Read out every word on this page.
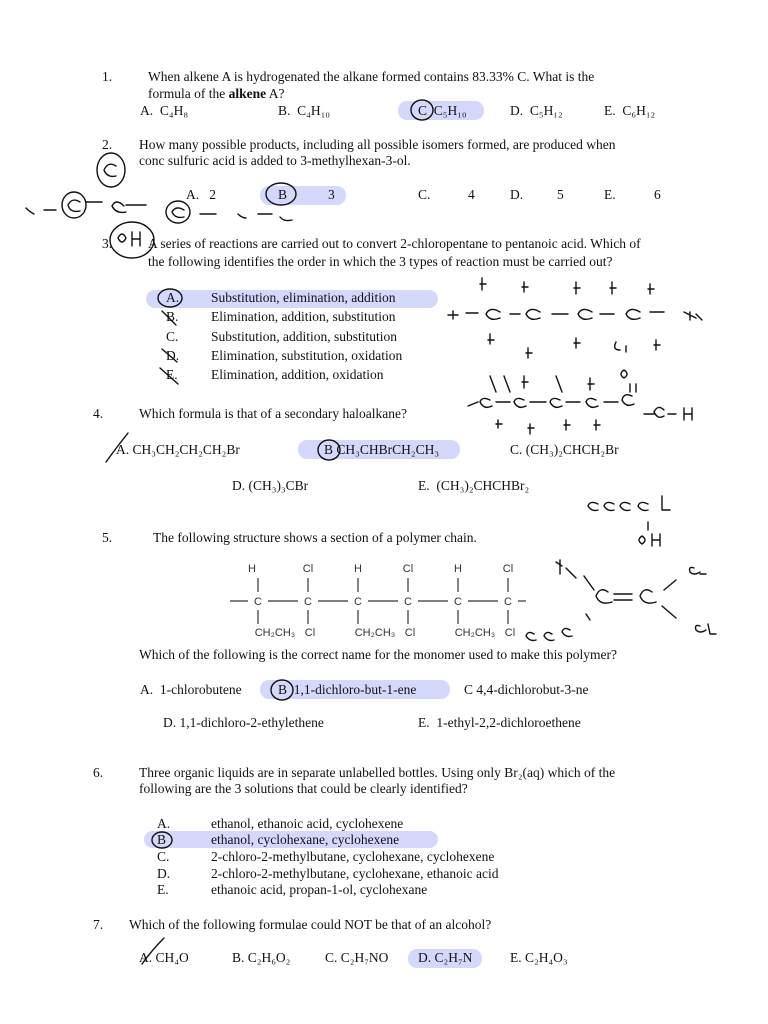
1.	When alkene A is hydrogenated the alkane formed contains 83.33% C. What is the
formula of the alkene A?
A. C₄H₈	B. C₄H₁₀	C C₅H₁₀	D. C₅H₁₂	E. C₆H₁₂
2. How many possible products, including all possible isomers formed, are produced when
conc sulfuric acid is added to 3-methylhexan-3-ol.
A. 2	B	3	C.	4	D.	5	E.	6
3.	A series of reactions are carried out to convert 2-chloropentane to pentanoic acid. Which of
the following identifies the order in which the 3 types of reaction must be carried out?
A. Substitution, elimination, addition
B. Elimination, addition, substitution
C. Substitution, addition, substitution
D. Elimination, substitution, oxidation
E. Elimination, addition, oxidation
4.	Which formula is that of a secondary haloalkane?
A. CH₃CH₂CH₂CH₂Br	B CH₃CHBrCH₂CH₃	C. (CH₃)₂CHCH₂Br
D. (CH₃)₃CBr	E. (CH₃)₂CHCHBr₂
5.	The following structure shows a section of a polymer chain.
H	Cl	H	Cl	H	Cl
C	C	C	C	C	C
CH₂CH₃ Cl	CH₂CH₃ Cl	CH₂CH₃ Cl
Which of the following is the correct name for the monomer used to make this polymer?
A. 1-chlorobutene	B 1,1-dichloro-but-1-ene	C 4,4-dichlorobut-3-ne
D. 1,1-dichloro-2-ethylethene	E. 1-ethyl-2,2-dichloroethene
6.	Three organic liquids are in separate unlabelled bottles. Using only Br₂(aq) which of the
following are the 3 solutions that could be clearly identified?
A.	ethanol, ethanoic acid, cyclohexene
B	ethanol, cyclohexane, cyclohexene
C.	2-chloro-2-methylbutane, cyclohexane, cyclohexene
D.	2-chloro-2-methylbutane, cyclohexane, ethanoic acid
E.	ethanoic acid, propan-1-ol, cyclohexane
7. Which of the following formulae could NOT be that of an alcohol?
A. CH₄O	B. C₂H₆O₂	C. C₂H₇NO D. C₂H₇N	E. C₂H₄O₃
